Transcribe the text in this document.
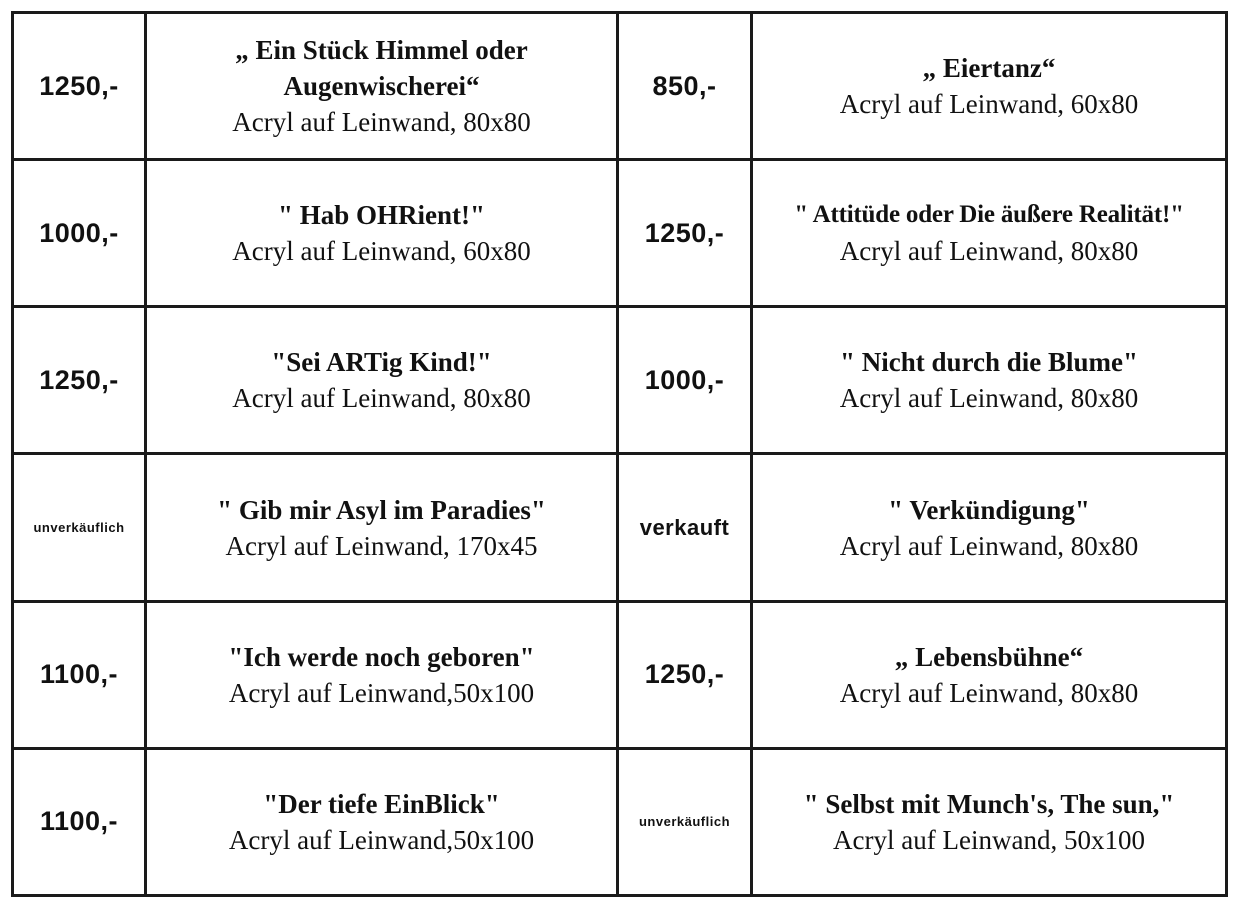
1250,-	„ Ein Stück Himmel oder Augenwischerei“
Acryl auf Leinwand, 80x80	850,-	„ Eiertanz“
Acryl auf Leinwand, 60x80

1000,-	" Hab OHRient!"
Acryl auf Leinwand, 60x80	1250,-	" Attitüde oder Die äußere Realität!"
Acryl auf Leinwand, 80x80

1250,-	"Sei ARTig Kind!"
Acryl auf Leinwand, 80x80	1000,-	" Nicht durch die Blume"
Acryl auf Leinwand, 80x80

unverkäuflich	" Gib mir Asyl im Paradies"
Acryl auf Leinwand, 170x45	verkauft	" Verkündigung"
Acryl auf Leinwand, 80x80

1100,-	"Ich werde noch geboren"
Acryl auf Leinwand,50x100	1250,-	„ Lebensbühne“
Acryl auf Leinwand, 80x80

1100,-	"Der tiefe EinBlick"
Acryl auf Leinwand,50x100	unverkäuflich	" Selbst mit Munch's, The sun,"
Acryl auf Leinwand, 50x100
